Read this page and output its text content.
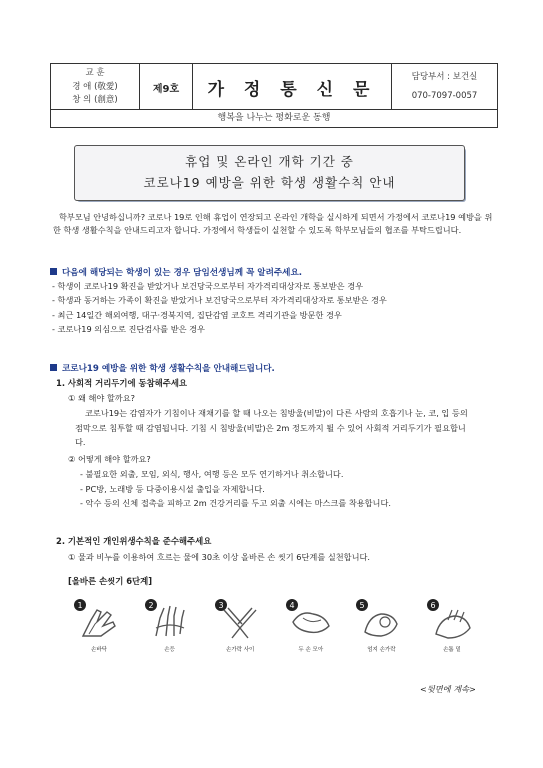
교 훈
경 애 (敬愛)
창 의 (創意)
제9호	가 정 통 신 문
담당부서 : 보건실
070-7097-0057
행복을 나누는 평화로운 동행
휴업 및 온라인 개학 기간 중
코로나19 예방을 위한 학생 생활수칙 안내
학부모님 안녕하십니까? 코로나 19로 인해 휴업이 연장되고 온라인 개학을 실시하게 되면서 가정에서 코로나19 예방을 위한 학생 생활수칙을 안내드리고자 합니다. 가정에서 학생들이 실천할 수 있도록 학부모님들의 협조를 부탁드립니다.
다음에 해당되는 학생이 있는 경우 담임선생님께 꼭 알려주세요.
- 학생이 코로나19 확진을 받았거나 보건당국으로부터 자가격리대상자로 통보받은 경우
- 학생과 동거하는 가족이 확진을 받았거나 보건당국으로부터 자가격리대상자로 통보받은 경우
- 최근 14일간 해외여행, 대구·경북지역, 집단감염 코호트 격리기관을 방문한 경우
- 코로나19 의심으로 진단검사를 받은 경우
코로나19 예방을 위한 학생 생활수칙을 안내해드립니다.
1. 사회적 거리두기에 동참해주세요
① 왜 해야 할까요?
코로나19는 감염자가 기침이나 재채기를 할 때 나오는 침방울(비말)이 다른 사람의 호흡기나 눈, 코, 입 등의 점막으로 침투할 때 감염됩니다. 기침 시 침방울(비말)은 2m 정도까지 튈 수 있어 사회적 거리두기가 필요합니다.
② 어떻게 해야 할까요?
- 불필요한 외출, 모임, 외식, 행사, 여행 등은 모두 연기하거나 취소합니다.
- PC방, 노래방 등 다중이용시설 출입을 자제합니다.
- 악수 등의 신체 접촉을 피하고 2m 건강거리를 두고 외출 시에는 마스크를 착용합니다.
2. 기본적인 개인위생수칙을 준수해주세요
① 물과 비누를 이용하여 흐르는 물에 30초 이상 올바른 손 씻기 6단계를 실천합니다.
[올바른 손씻기 6단계]
1
손바닥
2
손등
3
손가락 사이
4
두 손 모아
5
엄지 손가락
6
손톱 밑
<뒷면에 계속>
